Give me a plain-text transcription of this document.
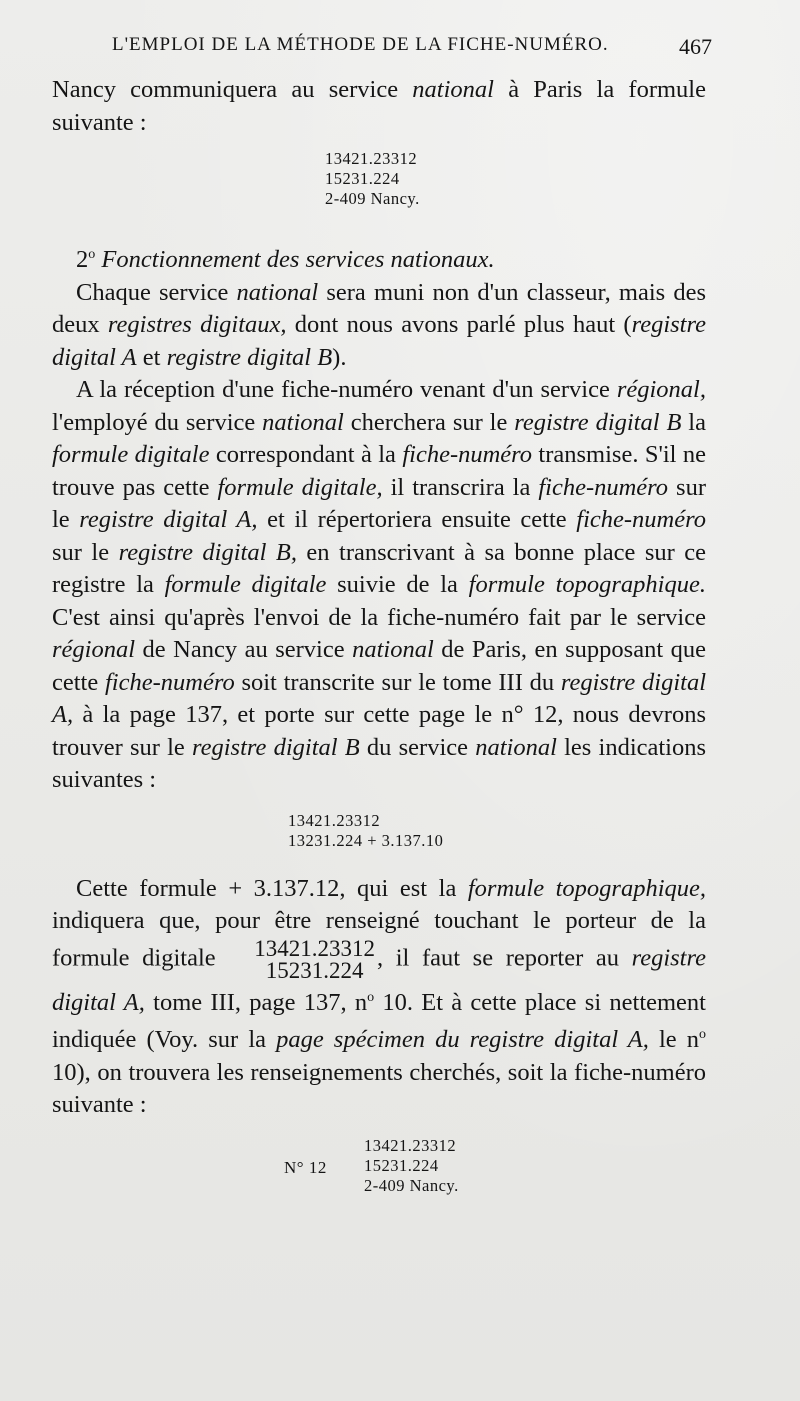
L'EMPLOI DE LA MÉTHODE DE LA FICHE-NUMÉRO.	467

Nancy communiquera au service national à Paris la formule suivante :

13421.23312
15231.224
2-409 Nancy.

2$^o$ Fonctionnement des services nationaux.

Chaque service national sera muni non d'un classeur, mais des deux registres digitaux, dont nous avons parlé plus haut (registre digital A et registre digital B).

A la réception d'une fiche-numéro venant d'un service régional, l'employé du service national cherchera sur le registre digital B la formule digitale correspondant à la fiche-numéro transmise. S'il ne trouve pas cette formule digitale, il transcrira la fiche-numéro sur le registre digital A, et il répertoriera ensuite cette fiche-numéro sur le registre digital B, en transcrivant à sa bonne place sur ce registre la formule digitale suivie de la formule topographique. C'est ainsi qu'après l'envoi de la fiche-numéro fait par le service régional de Nancy au service national de Paris, en supposant que cette fiche-numéro soit transcrite sur le tome III du registre digital A, à la page 137, et porte sur cette page le n° 12, nous devrons trouver sur le registre digital B du service national les indications suivantes :

13421.23312
13231.224 + 3.137.10

Cette formule + 3.137.12, qui est la formule topographique, indiquera que, pour être renseigné touchant le porteur de la formule digitale	13421.23312
15231.224 , il faut se reporter au registre digital A, tome III, page 137, $n^o$ 10. Et à cette place si nettement indiquée (Voy. sur la page spécimen du registre digital A, le $n^o$ 10), on trouvera les renseignements cherchés, soit la fiche-numéro suivante :

N° 12
13421.23312
15231.224
2-409 Nancy.
